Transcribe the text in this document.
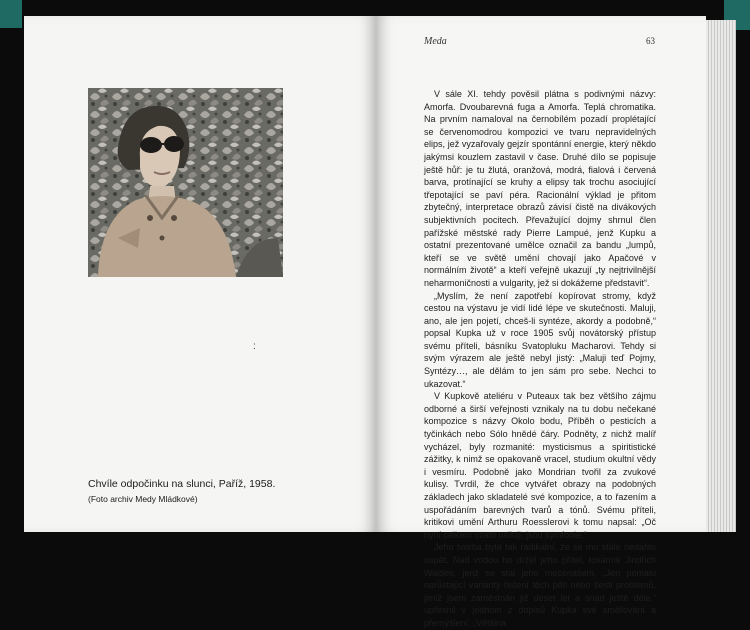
:
Chvíle odpočinku na slunci, Paříž, 1958.
(Foto archiv Medy Mládkové)
Meda	63

V sále XI. tehdy pověsil plátna s podivnými názvy: Amorfa. Dvoubarevná fuga a Amorfa. Teplá chromatika. Na prvním namaloval na černobílém pozadí proplétající se červenomodrou kompozici ve tvaru nepravidelných elips, jež vyzařovaly gejzír spontánní energie, který někdo jakýmsi kouzlem zastavil v čase. Druhé dílo se popisuje ještě hůř: je tu žlutá, oranžová, modrá, fialová i červená barva, protínající se kruhy a elipsy tak trochu asociující třepotající se paví péra. Racionální výklad je přitom zbytečný, interpretace obrazů závisí čistě na divákových subjektivních pocitech. Převažující dojmy shrnul člen pařížské městské rady Pierre Lampué, jenž Kupku a ostatní prezentované umělce označil za bandu „lumpů, kteří se ve světě umění chovají jako Apačové v normálním životě“ a kteří veřejně ukazují „ty nejtrivilnější neharmoničnosti a vulgarity, jež si dokážeme představit“.

„Myslím, že není zapotřebí kopírovat stromy, když cestou na výstavu je vidí lidé lépe ve skutečnosti. Maluji, ano, ale jen pojetí, chceš-li syntéze, akordy a podobně,“ popsal Kupka už v roce 1905 svůj novátorský přístup svému příteli, básníku Svatopluku Macharovi. Tehdy si svým výrazem ale ještě nebyl jistý: „Maluji teď Pojmy, Syntézy…, ale dělám to jen sám pro sebe. Nechci to ukazovat.“

V Kupkově ateliéru v Puteaux tak bez většího zájmu odborné a širší veřejnosti vznikaly na tu dobu nečekané kompozice s názvy Okolo bodu, Příběh o pesticích a tyčinkách nebo Sólo hnědé čáry. Podněty, z nichž malíř vycházel, byly rozmanité: mysticismus a spiritistické zážitky, k nimž se opakovaně vracel, studium okultní vědy i vesmíru. Podobně jako Mondrian tvořil za zvukové kulisy. Tvrdil, že chce vytvářet obrazy na podobných základech jako skladatelé své kompozice, a to řazením a uspořádáním barevných tvarů a tónů. Svému příteli, kritikovi umění Arthuru Roesslerovi k tomu napsal: „Oč nyní celkem vzato usiluji, jsou symfonie.“

Jeho tvorba byla tak radikální, že se mu stále nedařilo uspět. Nad vodou ho držel jeho přítel, továrník Jindřich Waldes, jenž se stal jeho mecenášem. „Jen pomalu narůstající varianty řešení těch pěti nebo šesti problémů, jimiž jsem zaměstnán již deset let a snad ještě déle,“ upřesnil v jednom z dopisů Kupka své směřování a přemýšlení. „Většina
